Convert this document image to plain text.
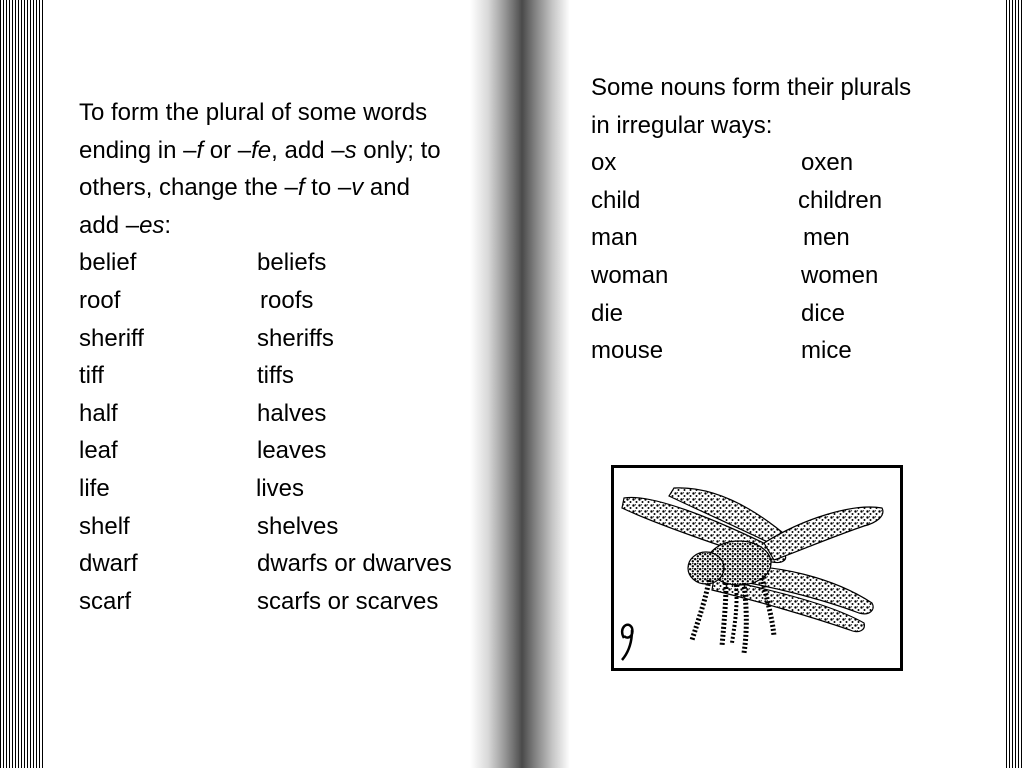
To form the plural of some words
ending in –f or –fe, add –s only; to
others, change the –f to –v and
add –es:
belief	beliefs
roof	roofs
sheriff	sheriffs
tiff	tiffs
half	halves
leaf	leaves
life	lives
shelf	shelves
dwarf	dwarfs or dwarves
scarf	scarfs or scarves
Some nouns form their plurals
in irregular ways:
ox	oxen
child	children
man	men
woman	women
die	dice
mouse	mice
